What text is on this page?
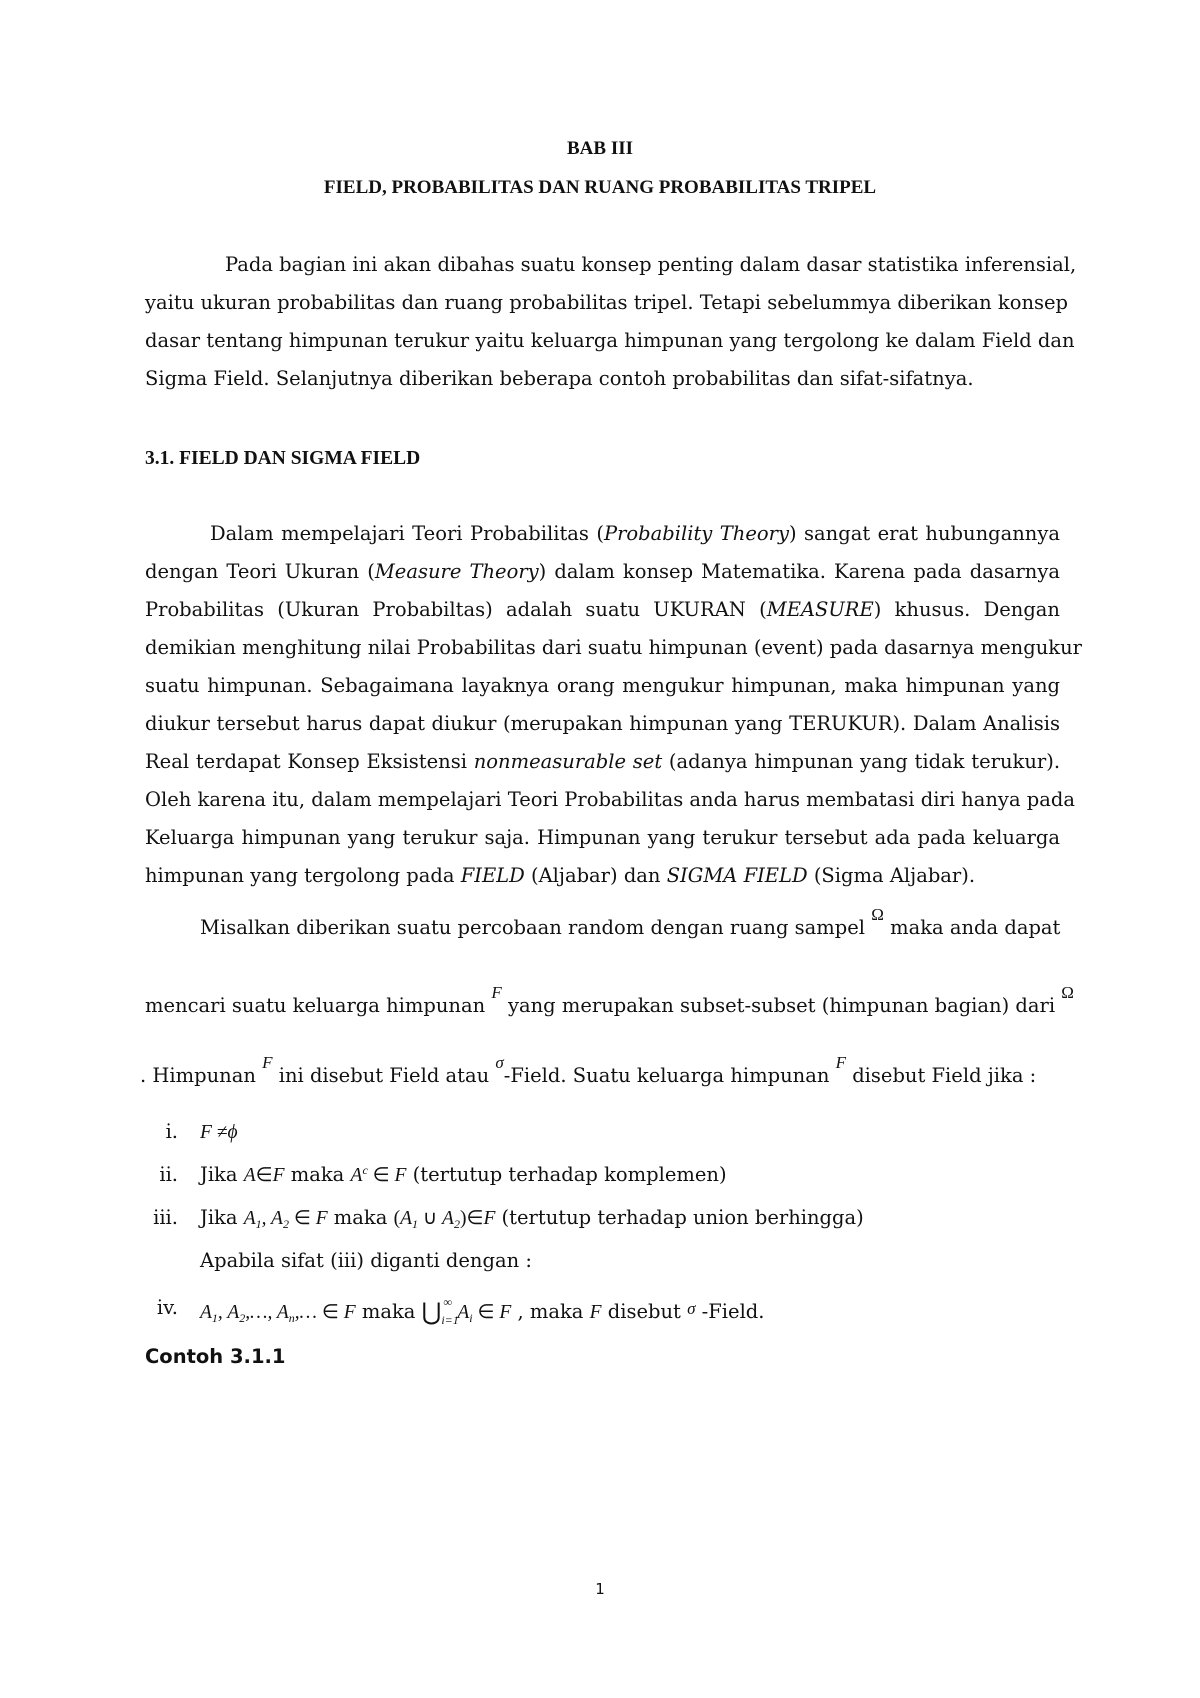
BAB III
FIELD, PROBABILITAS DAN RUANG PROBABILITAS TRIPEL
Pada bagian ini akan dibahas suatu konsep penting dalam dasar statistika inferensial,
yaitu ukuran probabilitas dan ruang probabilitas tripel. Tetapi sebelummya diberikan konsep
dasar tentang himpunan terukur yaitu keluarga himpunan yang tergolong ke dalam Field dan
Sigma Field. Selanjutnya diberikan beberapa contoh probabilitas dan sifat-sifatnya.
3.1. FIELD DAN SIGMA FIELD
Dalam mempelajari Teori Probabilitas (Probability Theory) sangat erat hubungannya
dengan Teori Ukuran (Measure Theory) dalam konsep Matematika. Karena pada dasarnya
Probabilitas (Ukuran Probabiltas) adalah suatu UKURAN (MEASURE) khusus. Dengan
demikian menghitung nilai Probabilitas dari suatu himpunan (event) pada dasarnya mengukur
suatu himpunan. Sebagaimana layaknya orang mengukur himpunan, maka himpunan yang
diukur tersebut harus dapat diukur (merupakan himpunan yang TERUKUR). Dalam Analisis
Real terdapat Konsep Eksistensi nonmeasurable set (adanya himpunan yang tidak terukur).
Oleh karena itu, dalam mempelajari Teori Probabilitas anda harus membatasi diri hanya pada
Keluarga himpunan yang terukur saja. Himpunan yang terukur tersebut ada pada keluarga
himpunan yang tergolong pada FIELD (Aljabar) dan SIGMA FIELD (Sigma Aljabar).
Misalkan diberikan suatu percobaan random dengan ruang sampel Ω maka anda dapat
mencari suatu keluarga himpunan F yang merupakan subset-subset (himpunan bagian) dari Ω
. Himpunan F ini disebut Field atau σ-Field. Suatu keluarga himpunan F disebut Field jika :
i. F ≠ϕ
ii. Jika A∈F maka $A^c$ ∈ F (tertutup terhadap komplemen)
iii. Jika $A_1$, $A_2$ ∈ F maka ($A_1$ ∪ $A_2)\in F$ (tertutup terhadap union berhingga)
Apabila sifat (iii) diganti dengan :
iv. $A_1$, $A_2,\dots$, $A_n,\dots$ ∈ F maka ⋃ ∞
i=1
$A_i$ ∈ F , maka F disebut σ -Field.
Contoh 3.1.1
1
